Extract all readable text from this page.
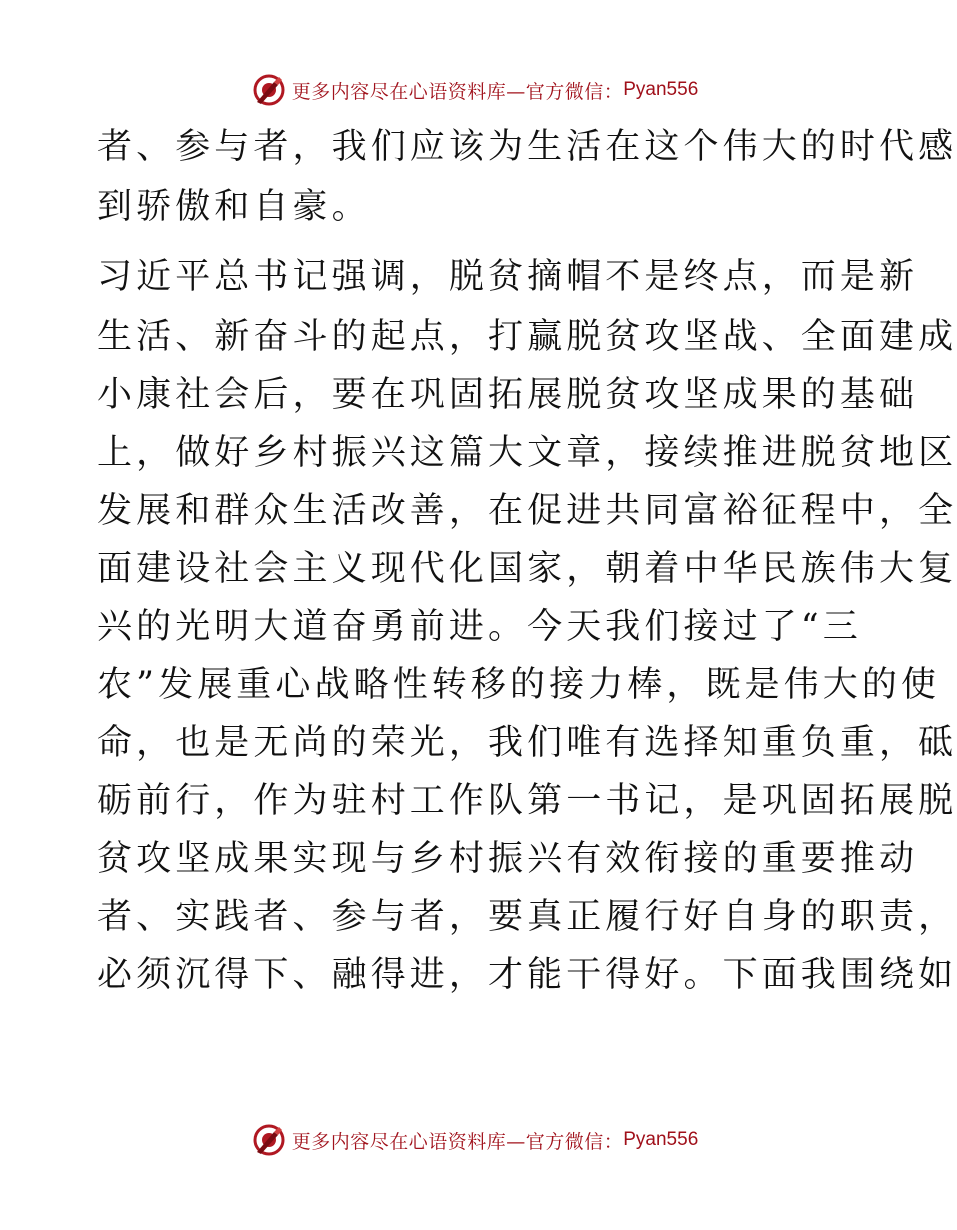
更多内容尽在心语资料库—官方微信： Pyan556
者、参与者，我们应该为生活在这个伟大的时代感
到骄傲和自豪。
习近平总书记强调，脱贫摘帽不是终点，而是新
生活、新奋斗的起点，打赢脱贫攻坚战、全面建成
小康社会后，要在巩固拓展脱贫攻坚成果的基础
上，做好乡村振兴这篇大文章，接续推进脱贫地区
发展和群众生活改善，在促进共同富裕征程中，全
面建设社会主义现代化国家，朝着中华民族伟大复
兴的光明大道奋勇前进。今天我们接过了“三
农”发展重心战略性转移的接力棒，既是伟大的使
命，也是无尚的荣光，我们唯有选择知重负重，砥
砺前行，作为驻村工作队第一书记，是巩固拓展脱
贫攻坚成果实现与乡村振兴有效衔接的重要推动
者、实践者、参与者，要真正履行好自身的职责，
必须沉得下、融得进，才能干得好。下面我围绕如
更多内容尽在心语资料库—官方微信： Pyan556
